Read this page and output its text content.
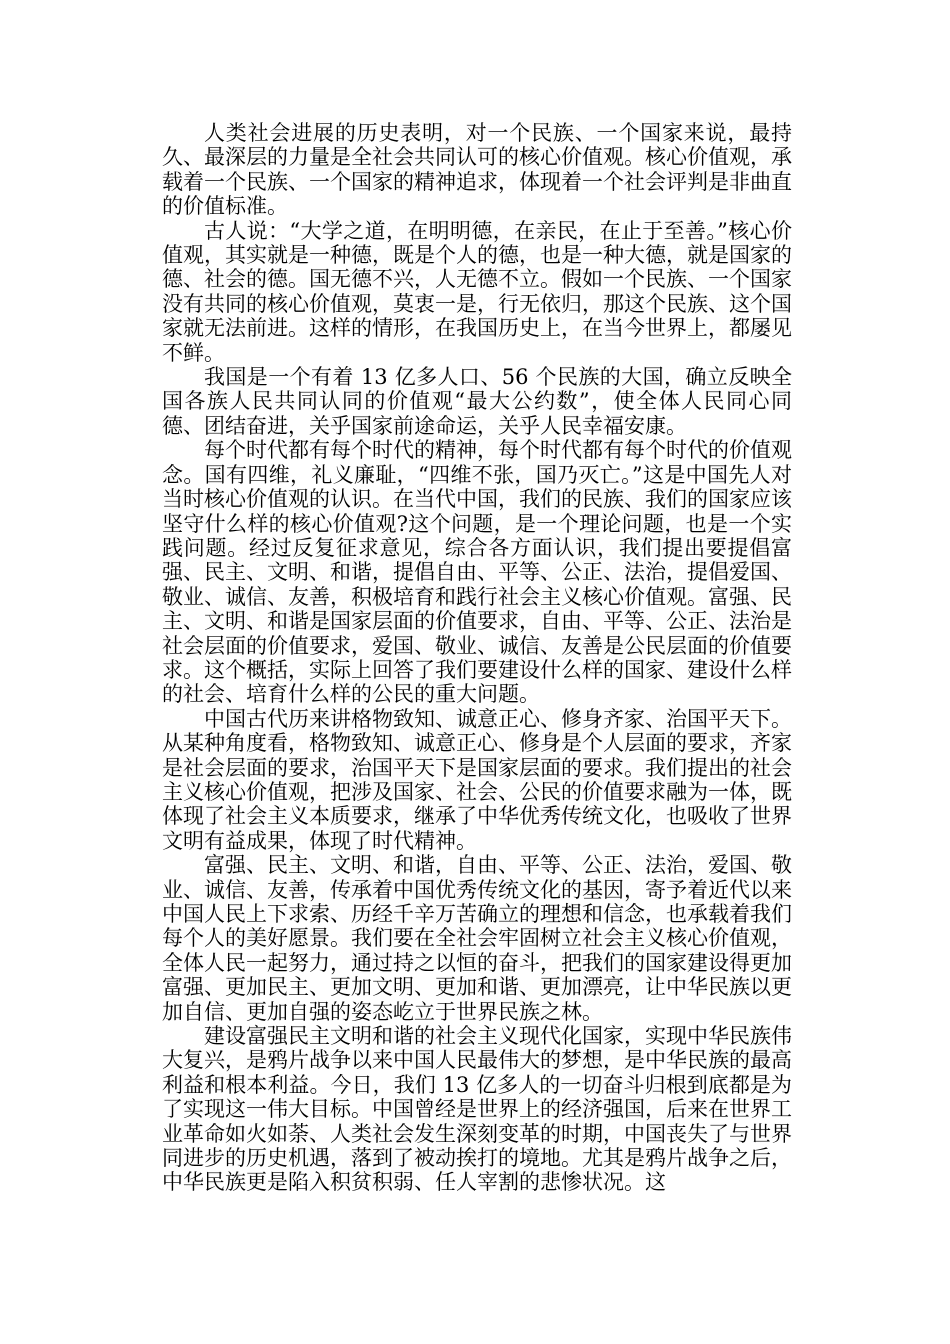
人类社会进展的历史表明，对一个民族、一个国家来说，最持久、最深层的力量是全社会共同认可的核心价值观。核心价值观，承载着一个民族、一个国家的精神追求，体现着一个社会评判是非曲直的价值标准。

古人说：“大学之道，在明明德，在亲民，在止于至善。”核心价值观，其实就是一种德，既是个人的德，也是一种大德，就是国家的德、社会的德。国无德不兴，人无德不立。假如一个民族、一个国家没有共同的核心价值观，莫衷一是，行无依归，那这个民族、这个国家就无法前进。这样的情形，在我国历史上，在当今世界上，都屡见不鲜。

我国是一个有着 13 亿多人口、56 个民族的大国，确立反映全国各族人民共同认同的价值观“最大公约数”，使全体人民同心同德、团结奋进，关乎国家前途命运，关乎人民幸福安康。

每个时代都有每个时代的精神，每个时代都有每个时代的价值观念。国有四维，礼义廉耻，“四维不张，国乃灭亡。”这是中国先人对当时核心价值观的认识。在当代中国，我们的民族、我们的国家应该坚守什么样的核心价值观?这个问题，是一个理论问题，也是一个实践问题。经过反复征求意见，综合各方面认识，我们提出要提倡富强、民主、文明、和谐，提倡自由、平等、公正、法治，提倡爱国、敬业、诚信、友善，积极培育和践行社会主义核心价值观。富强、民主、文明、和谐是国家层面的价值要求，自由、平等、公正、法治是社会层面的价值要求，爱国、敬业、诚信、友善是公民层面的价值要求。这个概括，实际上回答了我们要建设什么样的国家、建设什么样的社会、培育什么样的公民的重大问题。

中国古代历来讲格物致知、诚意正心、修身齐家、治国平天下。从某种角度看，格物致知、诚意正心、修身是个人层面的要求，齐家是社会层面的要求，治国平天下是国家层面的要求。我们提出的社会主义核心价值观，把涉及国家、社会、公民的价值要求融为一体，既体现了社会主义本质要求，继承了中华优秀传统文化，也吸收了世界文明有益成果，体现了时代精神。

富强、民主、文明、和谐，自由、平等、公正、法治，爱国、敬业、诚信、友善，传承着中国优秀传统文化的基因，寄予着近代以来中国人民上下求索、历经千辛万苦确立的理想和信念，也承载着我们每个人的美好愿景。我们要在全社会牢固树立社会主义核心价值观，全体人民一起努力，通过持之以恒的奋斗，把我们的国家建设得更加富强、更加民主、更加文明、更加和谐、更加漂亮，让中华民族以更加自信、更加自强的姿态屹立于世界民族之林。

建设富强民主文明和谐的社会主义现代化国家，实现中华民族伟大复兴，是鸦片战争以来中国人民最伟大的梦想，是中华民族的最高利益和根本利益。今日，我们 13 亿多人的一切奋斗归根到底都是为了实现这一伟大目标。中国曾经是世界上的经济强国，后来在世界工业革命如火如荼、人类社会发生深刻变革的时期，中国丧失了与世界同进步的历史机遇，落到了被动挨打的境地。尤其是鸦片战争之后，中华民族更是陷入积贫积弱、任人宰割的悲惨状况。这
